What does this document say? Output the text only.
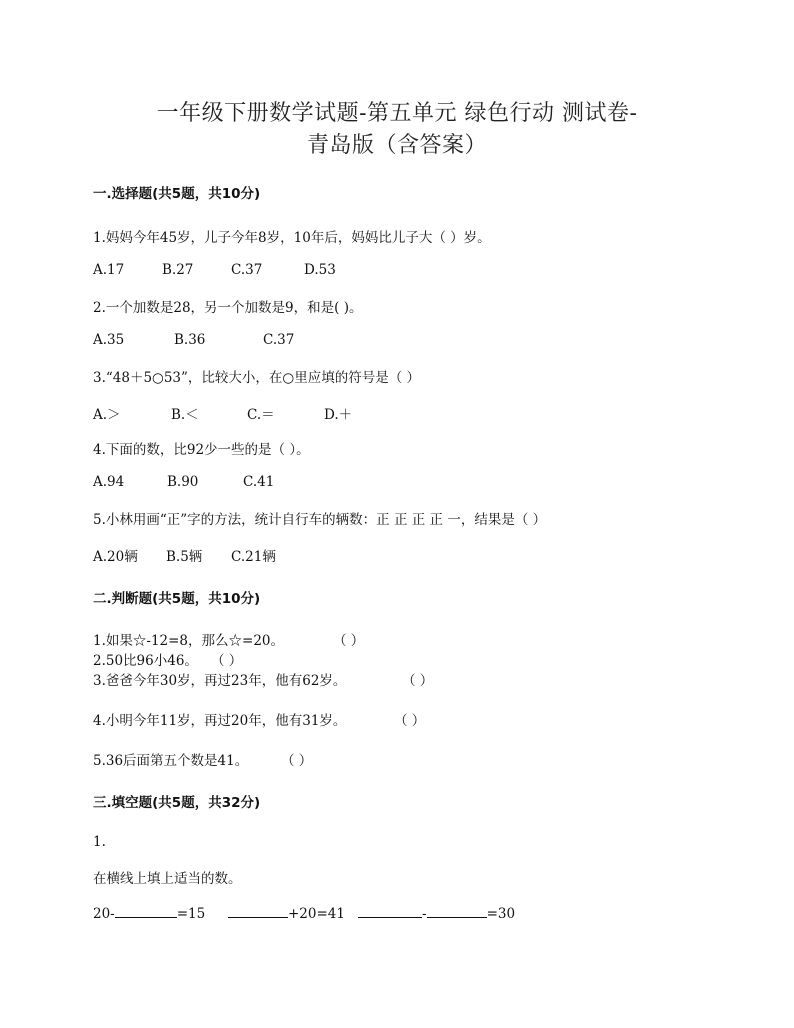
一年级下册数学试题-第五单元 绿色行动 测试卷-
青岛版（含答案）
一.选择题(共5题，共10分)
1.妈妈今年45岁，儿子今年8岁，10年后，妈妈比儿子大（ ）岁。
A.17	B.27	C.37	D.53
2.一个加数是28，另一个加数是9，和是( )。
A.35	B.36	C.37
3.“48＋5○53”，比较大小，在○里应填的符号是（ ）
A.＞	B.＜	C.＝	D.＋
4.下面的数，比92少一些的是（ ）。
A.94	B.90	C.41
5.小林用画“正”字的方法，统计自行车的辆数：正 正 正 正 一，结果是（ ）
A.20辆 B.5辆 C.21辆
二.判断题(共5题，共10分)
1.如果☆-12=8，那么☆=20。	（ ）
2.50比96小46。 （ ）
3.爸爸今年30岁，再过23年，他有62岁。	（ ）
4.小明今年11岁，再过20年，他有31岁。	（ ）
5.36后面第五个数是41。 （ ）
三.填空题(共5题，共32分)
1.
在横线上填上适当的数。
20-	=15	+20=41	-	=30
